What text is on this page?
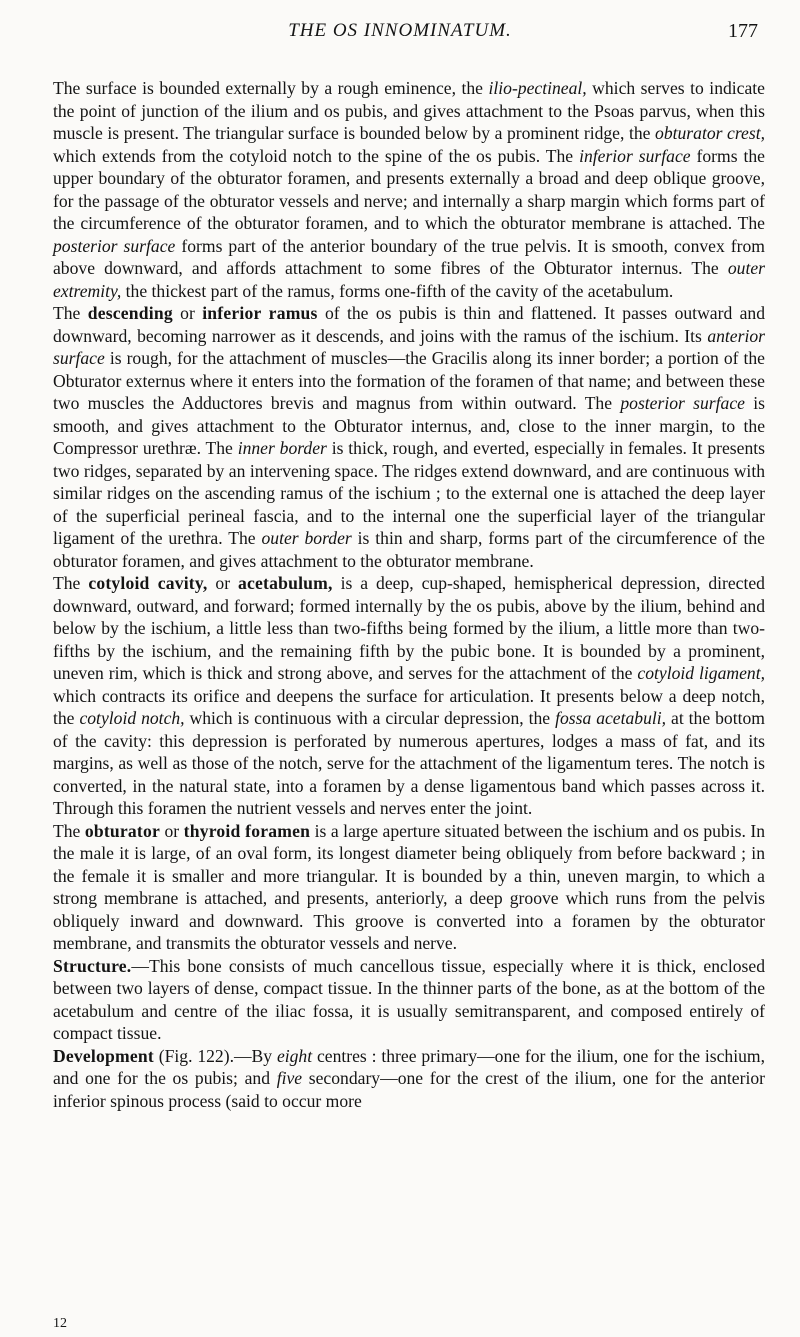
THE OS INNOMINATUM.	177

The surface is bounded externally by a rough eminence, the ilio-pectineal, which serves to indicate the point of junction of the ilium and os pubis, and gives attachment to the Psoas parvus, when this muscle is present. The triangular surface is bounded below by a prominent ridge, the obturator crest, which extends from the cotyloid notch to the spine of the os pubis. The inferior surface forms the upper boundary of the obturator foramen, and presents externally a broad and deep oblique groove, for the passage of the obturator vessels and nerve; and internally a sharp margin which forms part of the circumference of the obturator foramen, and to which the obturator membrane is attached. The posterior surface forms part of the anterior boundary of the true pelvis. It is smooth, convex from above downward, and affords attachment to some fibres of the Obturator internus. The outer extremity, the thickest part of the ramus, forms one-fifth of the cavity of the acetabulum.

The descending or inferior ramus of the os pubis is thin and flattened. It passes outward and downward, becoming narrower as it descends, and joins with the ramus of the ischium. Its anterior surface is rough, for the attachment of muscles—the Gracilis along its inner border; a portion of the Obturator externus where it enters into the formation of the foramen of that name; and between these two muscles the Adductores brevis and magnus from within outward. The posterior surface is smooth, and gives attachment to the Obturator internus, and, close to the inner margin, to the Compressor urethræ. The inner border is thick, rough, and everted, especially in females. It presents two ridges, separated by an intervening space. The ridges extend downward, and are continuous with similar ridges on the ascending ramus of the ischium ; to the external one is attached the deep layer of the superficial perineal fascia, and to the internal one the superficial layer of the triangular ligament of the urethra. The outer border is thin and sharp, forms part of the circumference of the obturator foramen, and gives attachment to the obturator membrane.

The cotyloid cavity, or acetabulum, is a deep, cup-shaped, hemispherical depression, directed downward, outward, and forward; formed internally by the os pubis, above by the ilium, behind and below by the ischium, a little less than two-fifths being formed by the ilium, a little more than two-fifths by the ischium, and the remaining fifth by the pubic bone. It is bounded by a prominent, uneven rim, which is thick and strong above, and serves for the attachment of the cotyloid ligament, which contracts its orifice and deepens the surface for articulation. It presents below a deep notch, the cotyloid notch, which is continuous with a circular depression, the fossa acetabuli, at the bottom of the cavity: this depression is perforated by numerous apertures, lodges a mass of fat, and its margins, as well as those of the notch, serve for the attachment of the ligamentum teres. The notch is converted, in the natural state, into a foramen by a dense ligamentous band which passes across it. Through this foramen the nutrient vessels and nerves enter the joint.

The obturator or thyroid foramen is a large aperture situated between the ischium and os pubis. In the male it is large, of an oval form, its longest diameter being obliquely from before backward ; in the female it is smaller and more triangular. It is bounded by a thin, uneven margin, to which a strong membrane is attached, and presents, anteriorly, a deep groove which runs from the pelvis obliquely inward and downward. This groove is converted into a foramen by the obturator membrane, and transmits the obturator vessels and nerve.

Structure.—This bone consists of much cancellous tissue, especially where it is thick, enclosed between two layers of dense, compact tissue. In the thinner parts of the bone, as at the bottom of the acetabulum and centre of the iliac fossa, it is usually semitransparent, and composed entirely of compact tissue.

Development (Fig. 122).—By eight centres : three primary—one for the ilium, one for the ischium, and one for the os pubis; and five secondary—one for the crest of the ilium, one for the anterior inferior spinous process (said to occur more

12
